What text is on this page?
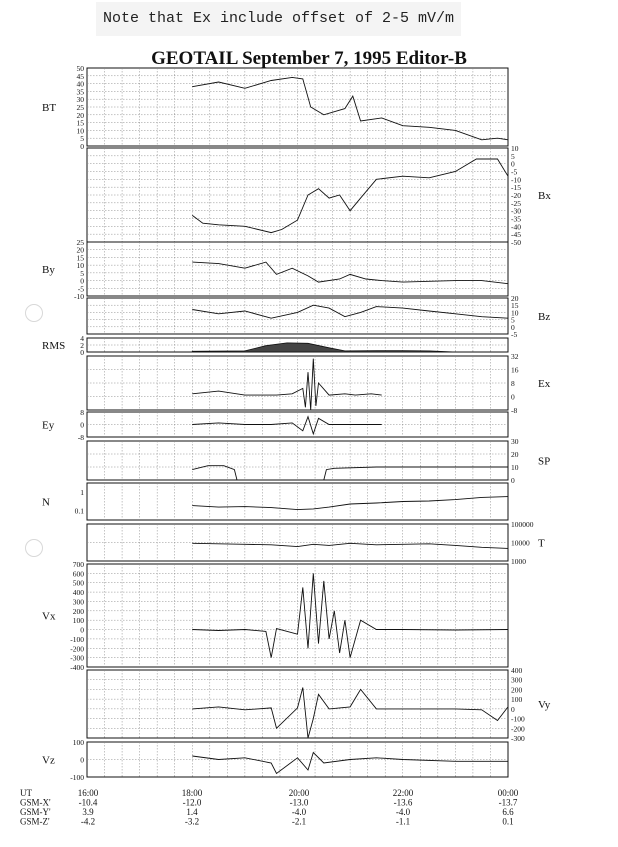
Note that Ex include offset of 2-5 mV/m
GEOTAIL September 7, 1995 Editor-B
50
45
40
35
30
25
20
15
10
5
0
BT
10
5
0
-5
-10
-15
-20
-25
-30
-35
-40
-45
-50
Bx
25
20
15
10
5
0
-5
-10
By
20
15
10
5
0
-5
Bz
4
2
0
RMS
32
16
8
0
-8
Ex
8
0
-8
Ey
30
20
10
0
SP
1
0.1
N
100000
10000
1000
T
700
600
500
400
300
200
100
0
-100
-200
-300
-400
Vx
400
300
200
100
0
-100
-200
-300
Vy
100
0
-100
Vz
UT	16:00	18:00	20:00	22:00	00:00
GSM-X'	-10.4	-12.0	-13.0	-13.6	-13.7
GSM-Y'	3.9	1.4	-4.0	-4.0	6.6
GSM-Z'	-4.2	-3.2	-2.1	-1.1	0.1
